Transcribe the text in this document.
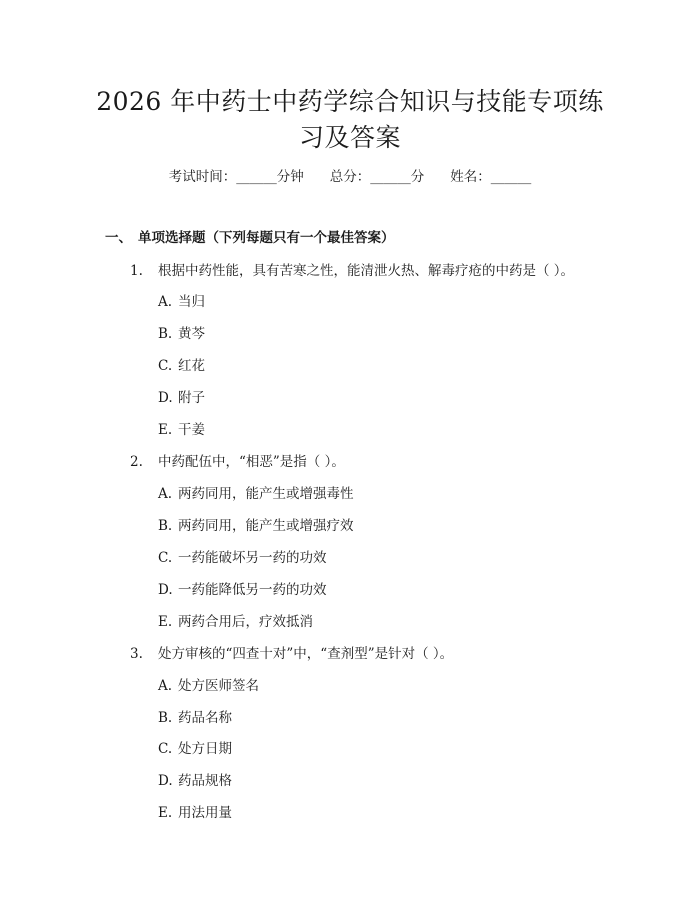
2026 年中药士中药学综合知识与技能专项练
习及答案
考试时间：______分钟 总分：______分 姓名：______
一、 单项选择题（下列每题只有一个最佳答案）
1. 根据中药性能，具有苦寒之性，能清泄火热、解毒疗疮的中药是（ ）。
A. 当归
B. 黄芩
C. 红花
D. 附子
E. 干姜
2. 中药配伍中，“相恶”是指（ ）。
A. 两药同用，能产生或增强毒性
B. 两药同用，能产生或增强疗效
C. 一药能破坏另一药的功效
D. 一药能降低另一药的功效
E. 两药合用后，疗效抵消
3. 处方审核的“四查十对”中，“查剂型”是针对（ ）。
A. 处方医师签名
B. 药品名称
C. 处方日期
D. 药品规格
E. 用法用量
